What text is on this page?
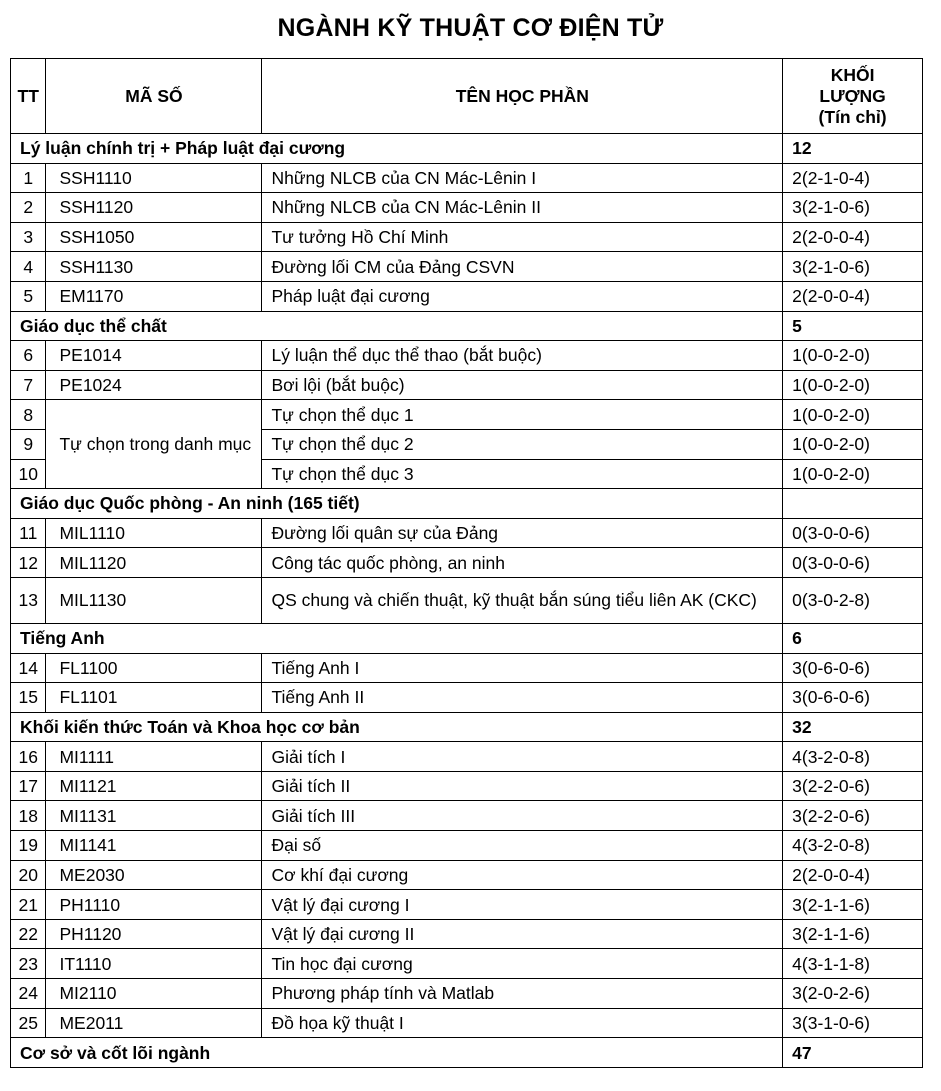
NGÀNH KỸ THUẬT CƠ ĐIỆN TỬ
TT	MÃ SỐ	TÊN HỌC PHẦN	KHỐI
LƯỢNG
(Tín chỉ)
Lý luận chính trị + Pháp luật đại cương			12
1	SSH1110	Những NLCB của CN Mác-Lênin I	2(2-1-0-4)
2	SSH1120	Những NLCB của CN Mác-Lênin II	3(2-1-0-6)
3	SSH1050	Tư tưởng Hồ Chí Minh	2(2-0-0-4)
4	SSH1130	Đường lối CM của Đảng CSVN	3(2-1-0-6)
5	EM1170	Pháp luật đại cương	2(2-0-0-4)
Giáo dục thể chất			5
6	PE1014	Lý luận thể dục thể thao (bắt buộc)	1(0-0-2-0)
7	PE1024	Bơi lội (bắt buộc)	1(0-0-2-0)
8	Tự chọn trong danh mục	Tự chọn thể dục 1	1(0-0-2-0)
9		Tự chọn thể dục 2	1(0-0-2-0)
10		Tự chọn thể dục 3	1(0-0-2-0)
Giáo dục Quốc phòng - An ninh (165 tiết)			
11	MIL1110	Đường lối quân sự của Đảng	0(3-0-0-6)
12	MIL1120	Công tác quốc phòng, an ninh	0(3-0-0-6)
13	MIL1130	QS chung và chiến thuật, kỹ thuật bắn súng tiểu liên AK (CKC)	0(3-0-2-8)
Tiếng Anh			6
14	FL1100	Tiếng Anh I	3(0-6-0-6)
15	FL1101	Tiếng Anh II	3(0-6-0-6)
Khối kiến thức Toán và Khoa học cơ bản			32
16	MI1111	Giải tích I	4(3-2-0-8)
17	MI1121	Giải tích II	3(2-2-0-6)
18	MI1131	Giải tích III	3(2-2-0-6)
19	MI1141	Đại số	4(3-2-0-8)
20	ME2030	Cơ khí đại cương	2(2-0-0-4)
21	PH1110	Vật lý đại cương I	3(2-1-1-6)
22	PH1120	Vật lý đại cương II	3(2-1-1-6)
23	IT1110	Tin học đại cương	4(3-1-1-8)
24	MI2110	Phương pháp tính và Matlab	3(2-0-2-6)
25	ME2011	Đồ họa kỹ thuật I	3(3-1-0-6)
Cơ sở và cốt lõi ngành			47
